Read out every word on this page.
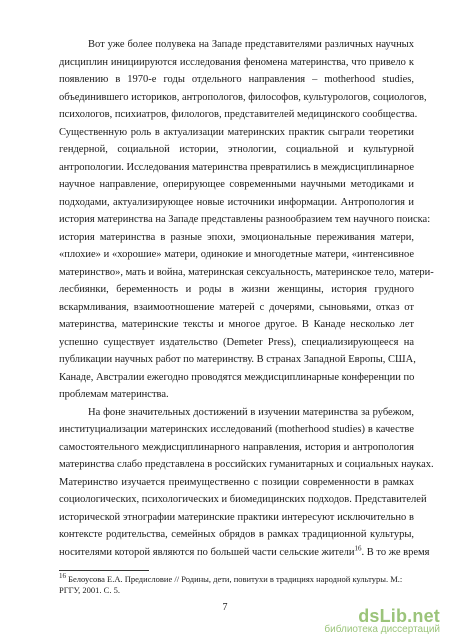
Вот уже более полувека на Западе представителями различных научных
дисциплин инициируются исследования феномена материнства, что привело к
появлению в 1970-е годы отдельного направления – motherhood studies,
объединившего историков, антропологов, философов, культурологов, социологов,
психологов, психиатров, филологов, представителей медицинского сообщества.
Существенную роль в актуализации материнских практик сыграли теоретики
гендерной, социальной истории, этнологии, социальной и культурной
антропологии. Исследования материнства превратились в междисциплинарное
научное направление, оперирующее современными научными методиками и
подходами, актуализирующее новые источники информации. Антропология и
история материнства на Западе представлены разнообразием тем научного поиска:
история материнства в разные эпохи, эмоциональные переживания матери,
«плохие» и «хорошие» матери, одинокие и многодетные матери, «интенсивное
материнство», мать и война, материнская сексуальность, материнское тело, матери-
лесбиянки, беременность и роды в жизни женщины, история грудного
вскармливания, взаимоотношение матерей с дочерями, сыновьями, отказ от
материнства, материнские тексты и многое другое. В Канаде несколько лет
успешно существует издательство (Demeter Press), специализирующееся на
публикации научных работ по материнству. В странах Западной Европы, США,
Канаде, Австралии ежегодно проводятся междисциплинарные конференции по
проблемам материнства.
На фоне значительных достижений в изучении материнства за рубежом,
институциализации материнских исследований (motherhood studies) в качестве
самостоятельного междисциплинарного направления, история и антропология
материнства слабо представлена в российских гуманитарных и социальных науках.
Материнство изучается преимущественно с позиции современности в рамках
социологических, психологических и биомедицинских подходов. Представителей
исторической этнографии материнские практики интересуют исключительно в
контексте родительства, семейных обрядов в рамках традиционной культуры,
носителями которой являются по большей части сельские жители$^{16}$. В то же время
$^{16}$ Белоусова Е.А. Предисловие // Родины, дети, повитухи в традициях народной культуры. М.: РГГУ, 2001. С. 5.
7	dsLib.net
библиотека диссертаций
